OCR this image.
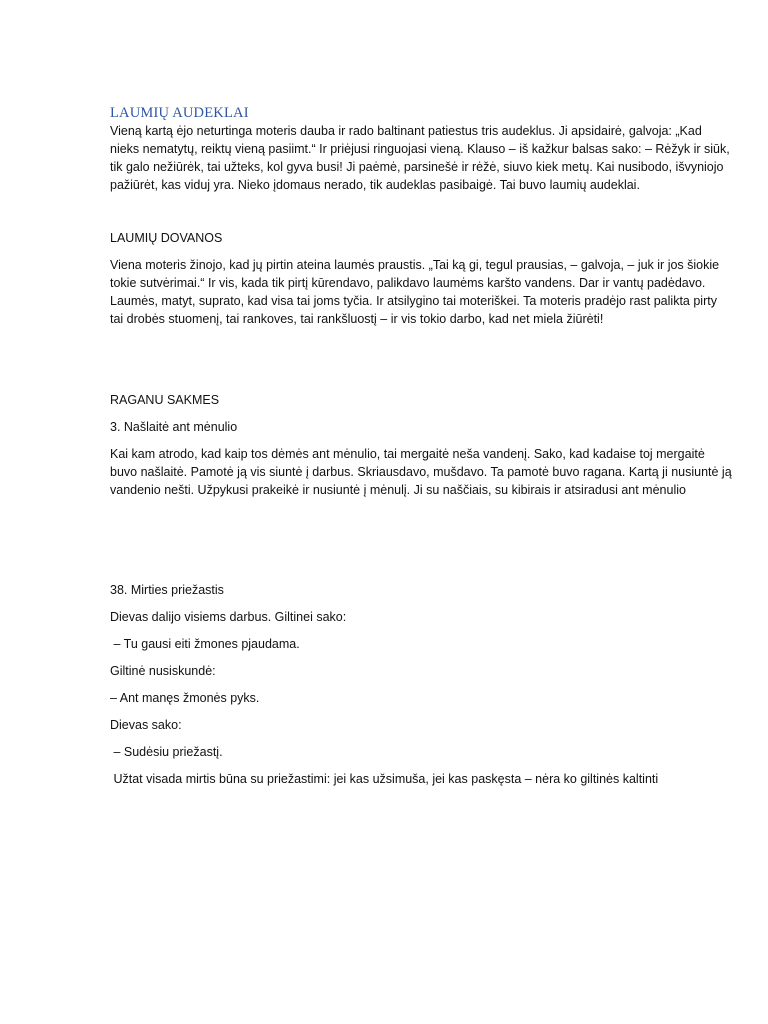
LAUMIŲ AUDEKLAI

Vieną kartą ėjo neturtinga moteris dauba ir rado baltinant patiestus tris audeklus. Ji apsidairė, galvoja: „Kad nieks nematytų, reiktų vieną pasiimt.“ Ir priėjusi ringuojasi vieną. Klauso – iš kažkur balsas sako: – Rėžyk ir siūk, tik galo nežiūrėk, tai užteks, kol gyva busi! Ji paėmė, parsinešė ir rėžė, siuvo kiek metų. Kai nusibodo, išvyniojo pažiūrėt, kas viduj yra. Nieko įdomaus nerado, tik audeklas pasibaigė. Tai buvo laumių audeklai.

LAUMIŲ DOVANOS

Viena moteris žinojo, kad jų pirtin ateina laumės praustis. „Tai ką gi, tegul prausias, – galvoja, – juk ir jos šiokie tokie sutvėrimai.“ Ir vis, kada tik pirtį kūrendavo, palikdavo laumėms karšto vandens. Dar ir vantų padėdavo. Laumės, matyt, suprato, kad visa tai joms tyčia. Ir atsilygino tai moteriškei. Ta moteris pradėjo rast palikta pirty tai drobės stuomenį, tai rankoves, tai rankšluostį – ir vis tokio darbo, kad net miela žiūrėti!

RAGANU SAKMES
3. Našlaitė ant mėnulio

Kai kam atrodo, kad kaip tos dėmės ant mėnulio, tai mergaitė neša vandenį. Sako, kad kadaise toj mergaitė buvo našlaitė. Pamotė ją vis siuntė į darbus. Skriausdavo, mušdavo. Ta pamotė buvo ragana. Kartą ji nusiuntė ją vandenio nešti. Užpykusi prakeikė ir nusiuntė į mėnulį. Ji su naščiais, su kibirais ir atsiradusi ant mėnulio

38. Mirties priežastis

Dievas dalijo visiems darbus. Giltinei sako:

– Tu gausi eiti žmones pjaudama.

Giltinė nusiskundė:

– Ant manęs žmonės pyks.

Dievas sako:

– Sudėsiu priežastį.

Užtat visada mirtis būna su priežastimi: jei kas užsimuša, jei kas paskęsta – nėra ko giltinės kaltinti
